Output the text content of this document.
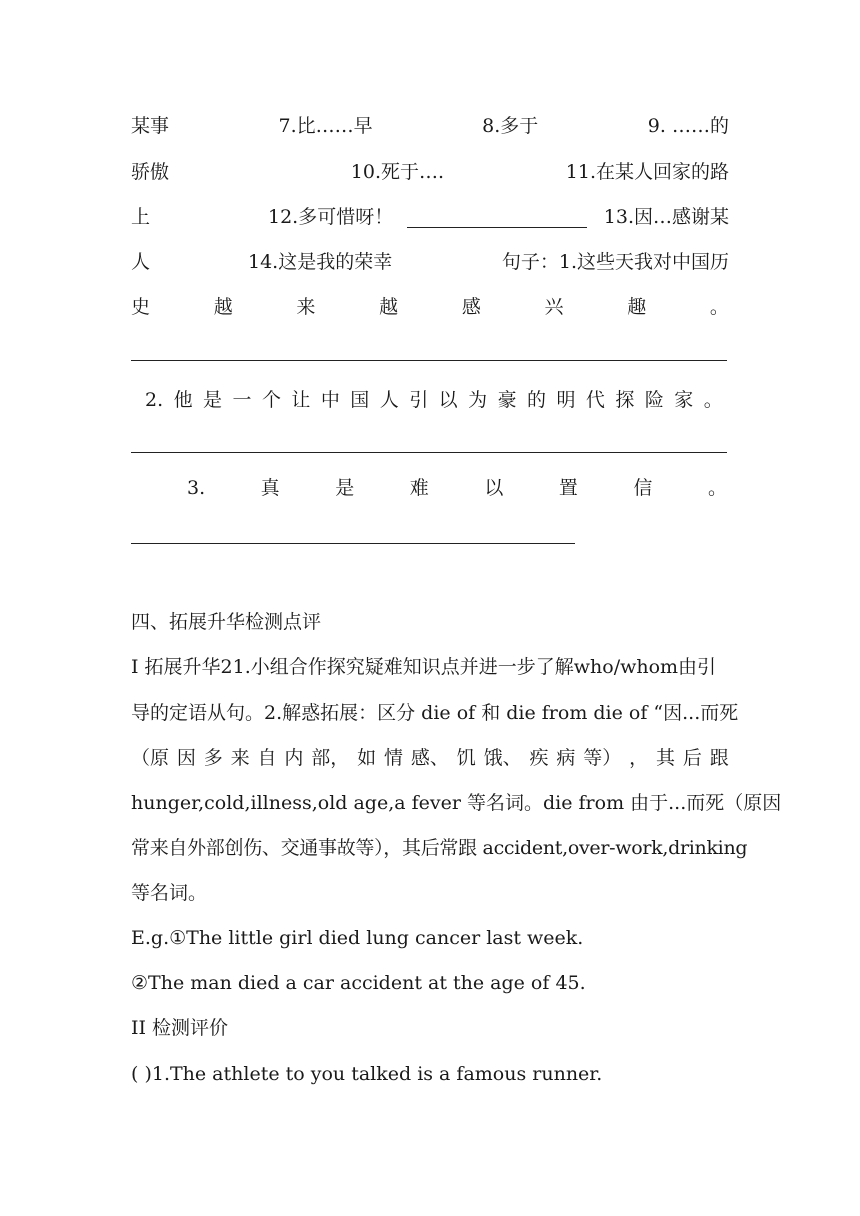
某事	7.比……早	8.多于	9. ……的
骄傲	10.死于….	11.在某人回家的路
上	12.多可惜呀！	13.因…感谢某
人	14.这是我的荣幸	句子：1.这些天我对中国历
史	越	来	越	感	兴	趣	。
2. 他 是 一 个 让 中 国 人 引 以 为 豪 的 明 代 探 险 家 。
3.	真	是	难	以	置	信	。
四、拓展升华检测点评
I 拓展升华21.小组合作探究疑难知识点并进一步了解who/whom由引
导的定语从句。2.解惑拓展：区分 die of 和 die from die of “因...而死
（原 因 多 来 自 内 部， 如 情 感、 饥 饿、 疾 病 等） ， 其 后 跟
hunger,cold,illness,old age,a fever 等名词。die from 由于...而死（原因
常来自外部创伤、交通事故等），其后常跟 accident,over-work,drinking
等名词。
E.g.①The little girl died lung cancer last week.
②The man died a car accident at the age of 45.
II 检测评价
( )1.The athlete to you talked is a famous runner.
